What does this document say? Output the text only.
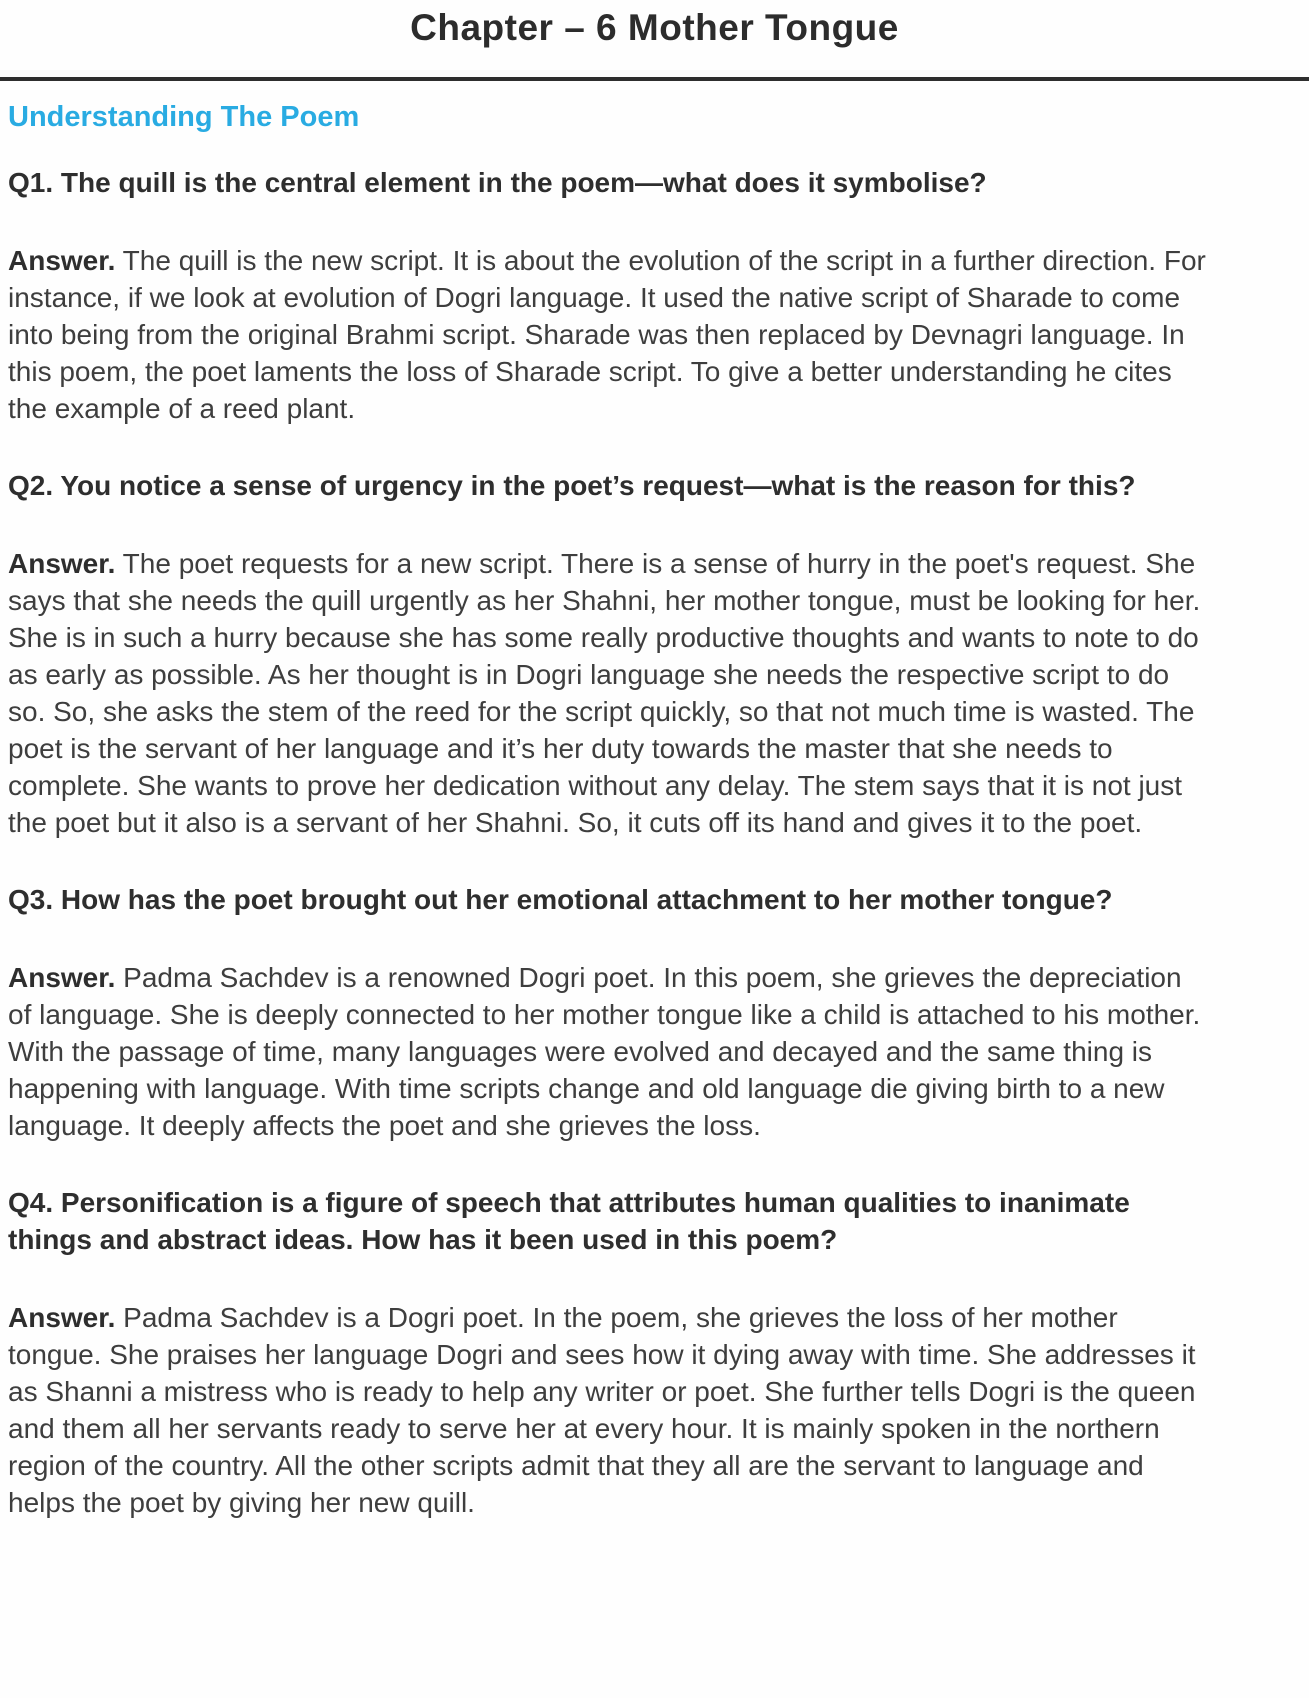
Chapter – 6 Mother Tongue
Understanding The Poem
Q1. The quill is the central element in the poem—what does it symbolise?

Answer. The quill is the new script. It is about the evolution of the script in a further direction. For instance, if we look at evolution of Dogri language. It used the native script of Sharade to come into being from the original Brahmi script. Sharade was then replaced by Devnagri language. In this poem, the poet laments the loss of Sharade script. To give a better understanding he cites the example of a reed plant.

Q2. You notice a sense of urgency in the poet’s request—what is the reason for this?

Answer. The poet requests for a new script. There is a sense of hurry in the poet's request. She says that she needs the quill urgently as her Shahni, her mother tongue, must be looking for her. She is in such a hurry because she has some really productive thoughts and wants to note to do as early as possible. As her thought is in Dogri language she needs the respective script to do so. So, she asks the stem of the reed for the script quickly, so that not much time is wasted. The poet is the servant of her language and it’s her duty towards the master that she needs to complete. She wants to prove her dedication without any delay. The stem says that it is not just the poet but it also is a servant of her Shahni. So, it cuts off its hand and gives it to the poet.

Q3. How has the poet brought out her emotional attachment to her mother tongue?

Answer. Padma Sachdev is a renowned Dogri poet. In this poem, she grieves the depreciation of language. She is deeply connected to her mother tongue like a child is attached to his mother. With the passage of time, many languages were evolved and decayed and the same thing is happening with language. With time scripts change and old language die giving birth to a new language. It deeply affects the poet and she grieves the loss.

Q4. Personification is a figure of speech that attributes human qualities to inanimate things and abstract ideas. How has it been used in this poem?

Answer. Padma Sachdev is a Dogri poet. In the poem, she grieves the loss of her mother tongue. She praises her language Dogri and sees how it dying away with time. She addresses it as Shanni a mistress who is ready to help any writer or poet. She further tells Dogri is the queen and them all her servants ready to serve her at every hour. It is mainly spoken in the northern region of the country. All the other scripts admit that they all are the servant to language and helps the poet by giving her new quill.
